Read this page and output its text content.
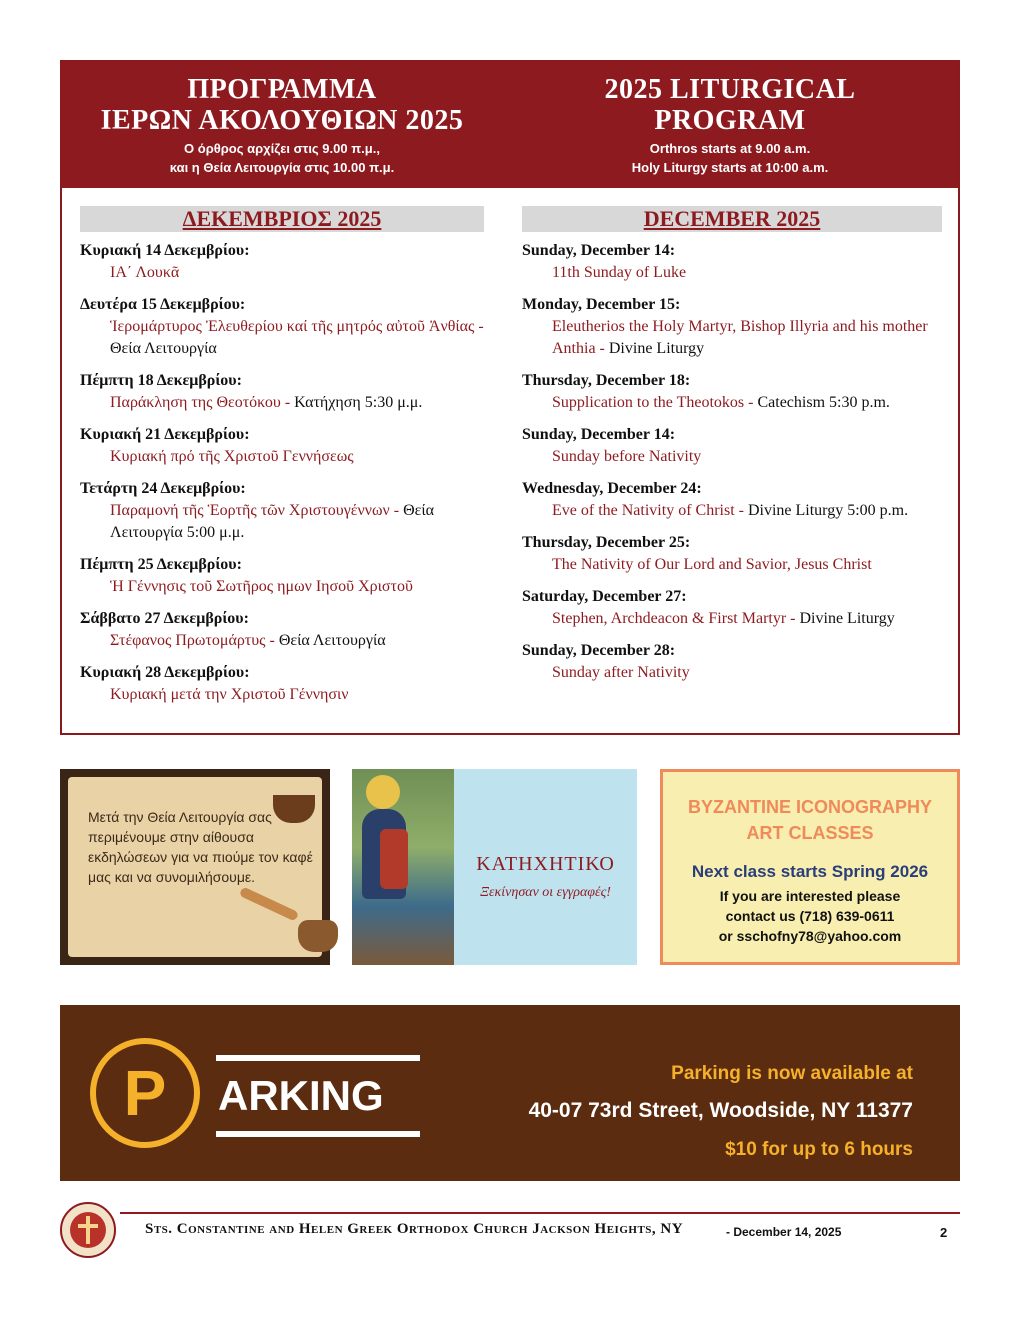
ΠΡΟΓΡΑΜΜΑ
ΙΕΡΩΝ ΑΚΟΛΟΥΘΙΩΝ 2025
Ο όρθρος αρχίζει στις 9.00 π.μ.,
και η Θεία Λειτουργία στις 10.00 π.μ.
2025 LITURGICAL
PROGRAM
Orthros starts at 9.00 a.m.
Holy Liturgy starts at 10:00 a.m.
ΔΕΚΕΜΒΡΙΟΣ 2025	DECEMBER 2025
Κυριακή 14 Δεκεμβρίου:
ΙΑ΄ Λουκᾶ
Δευτέρα 15 Δεκεμβρίου:
Ἱερομάρτυρος Ἐλευθερίου καί τῆς μητρός αὐτοῦ Ἀνθίας - Θεία Λειτουργία
Πέμπτη 18 Δεκεμβρίου:
Παράκληση της Θεοτόκου - Κατήχηση 5:30 μ.μ.
Κυριακή 21 Δεκεμβρίου:
Κυριακή πρό τῆς Χριστοῦ Γεννήσεως
Τετάρτη 24 Δεκεμβρίου:
Παραμονή τῆς Ἑορτῆς τῶν Χριστουγέννων - Θεία Λειτουργία 5:00 μ.μ.
Πέμπτη 25 Δεκεμβρίου:
Ἡ Γέννησις τοῦ Σωτῆρος ημων Ιησοῦ Χριστοῦ
Σάββατο 27 Δεκεμβρίου:
Στέφανος Πρωτομάρτυς - Θεία Λειτουργία
Κυριακή 28 Δεκεμβρίου:
Κυριακή μετά την Χριστοῦ Γέννησιν
Sunday, December 14:
11th Sunday of Luke
Monday, December 15:
Eleutherios the Holy Martyr, Bishop Illyria and his mother Anthia - Divine Liturgy
Thursday, December 18:
Supplication to the Theotokos - Catechism 5:30 p.m.
Sunday, December 14:
Sunday before Nativity
Wednesday, December 24:
Eve of the Nativity of Christ - Divine Liturgy 5:00 p.m.
Thursday, December 25:
The Nativity of Our Lord and Savior, Jesus Christ
Saturday, December 27:
Stephen, Archdeacon & First Martyr - Divine Liturgy
Sunday, December 28:
Sunday after Nativity
Μετά την Θεία Λειτουργία σας περιμένουμε στην αίθουσα εκδηλώσεων για να πιούμε τον καφέ μας και να συνομιλήσουμε.
ΚΑΤΗΧΗΤΙΚΟ
Ξεκίνησαν οι εγγραφές!
BYZANTINE ICONOGRAPHY
ART CLASSES
Next class starts Spring 2026
If you are interested please
contact us (718) 639-0611
or sschofny78@yahoo.com
P	ARKING	Parking is now available at
40-07 73rd Street, Woodside, NY 11377
$10 for up to 6 hours
Sts. Constantine and Helen Greek Orthodox Church Jackson Heights, NY	- December 14, 2025	2
